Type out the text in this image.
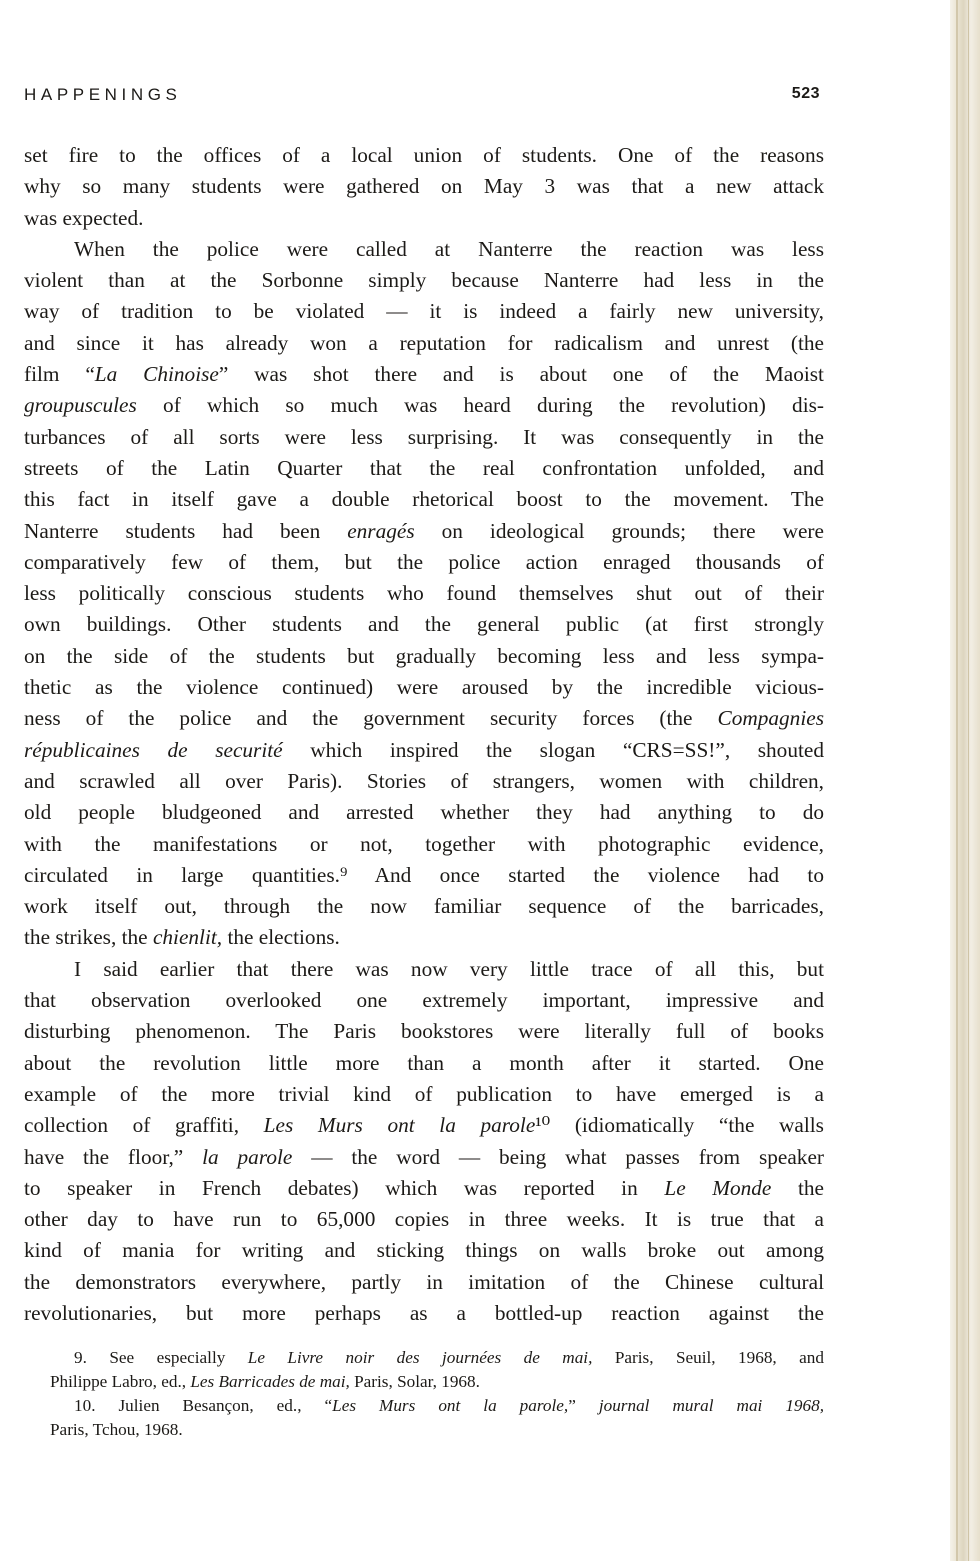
HAPPENINGS	523
set fire to the offices of a local union of students. One of the reasons
why so many students were gathered on May 3 was that a new attack
was expected.
When the police were called at Nanterre the reaction was less
violent than at the Sorbonne simply because Nanterre had less in the
way of tradition to be violated — it is indeed a fairly new university,
and since it has already won a reputation for radicalism and unrest (the
film “La Chinoise” was shot there and is about one of the Maoist
groupuscules of which so much was heard during the revolution) dis-
turbances of all sorts were less surprising. It was consequently in the
streets of the Latin Quarter that the real confrontation unfolded, and
this fact in itself gave a double rhetorical boost to the movement. The
Nanterre students had been enragés on ideological grounds; there were
comparatively few of them, but the police action enraged thousands of
less politically conscious students who found themselves shut out of their
own buildings. Other students and the general public (at first strongly
on the side of the students but gradually becoming less and less sympa-
thetic as the violence continued) were aroused by the incredible vicious-
ness of the police and the government security forces (the Compagnies
républicaines de securité which inspired the slogan “CRS=SS!”, shouted
and scrawled all over Paris). Stories of strangers, women with children,
old people bludgeoned and arrested whether they had anything to do
with the manifestations or not, together with photographic evidence,
circulated in large quantities.⁹ And once started the violence had to
work itself out, through the now familiar sequence of the barricades,
the strikes, the chienlit, the elections.
I said earlier that there was now very little trace of all this, but
that observation overlooked one extremely important, impressive and
disturbing phenomenon. The Paris bookstores were literally full of books
about the revolution little more than a month after it started. One
example of the more trivial kind of publication to have emerged is a
collection of graffiti, Les Murs ont la parole¹⁰ (idiomatically “the walls
have the floor,” la parole — the word — being what passes from speaker
to speaker in French debates) which was reported in Le Monde the
other day to have run to 65,000 copies in three weeks. It is true that a
kind of mania for writing and sticking things on walls broke out among
the demonstrators everywhere, partly in imitation of the Chinese cultural
revolutionaries, but more perhaps as a bottled-up reaction against the
9. See especially Le Livre noir des journées de mai, Paris, Seuil, 1968, and
Philippe Labro, ed., Les Barricades de mai, Paris, Solar, 1968.
10. Julien Besançon, ed., “Les Murs ont la parole,” journal mural mai 1968,
Paris, Tchou, 1968.
